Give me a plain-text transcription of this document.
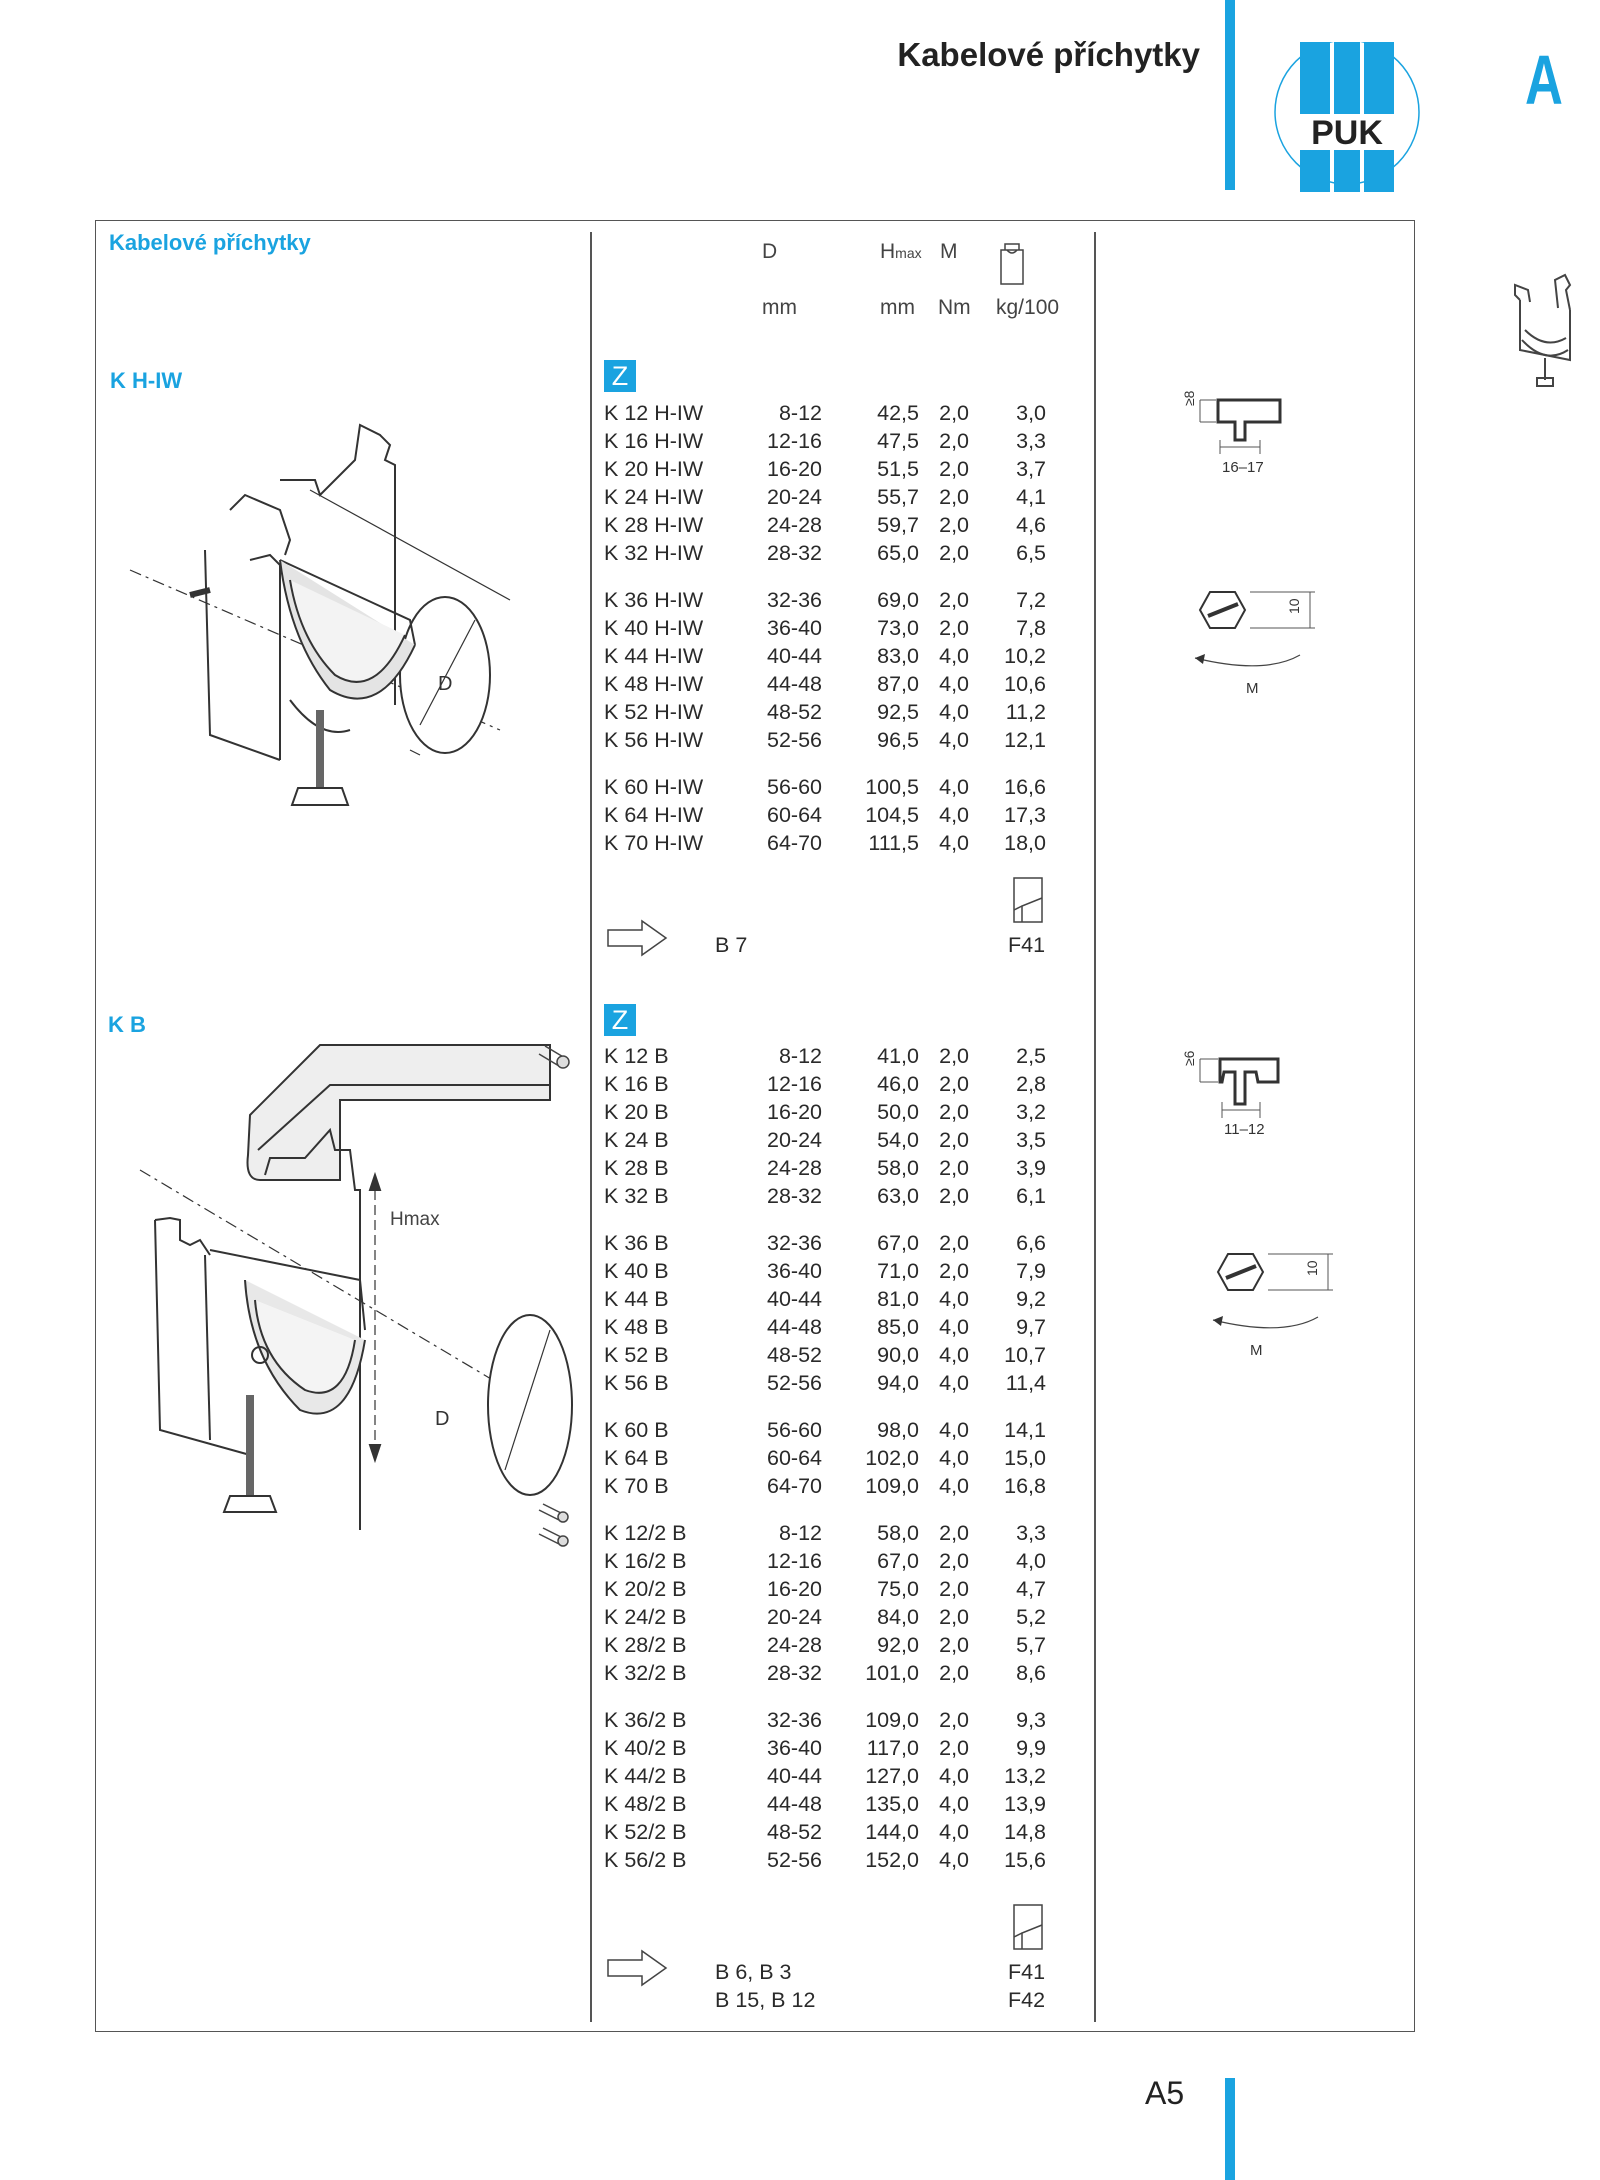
Kabelové příchytky
PUK
A
Kabelové příchytky	D	Hmax M
mm	mm Nm kg/100
K H-IW	Z
K 12 H-IW	8-12	42,5 2,0 3,0
K 16 H-IW	12-16	47,5 2,0 3,3
K 20 H-IW	16-20	51,5 2,0 3,7
K 24 H-IW	20-24	55,7 2,0 4,1
K 28 H-IW	24-28	59,7 2,0 4,6
K 32 H-IW	28-32	65,0 2,0 6,5
K 36 H-IW	32-36	69,0 2,0 7,2
K 40 H-IW	36-40	73,0 2,0 7,8
K 44 H-IW	40-44	83,0 4,0 10,2
K 48 H-IW	44-48	87,0 4,0 10,6
K 52 H-IW	48-52	92,5 4,0 11,2
K 56 H-IW	52-56	96,5 4,0 12,1
K 60 H-IW	56-60 100,5 4,0 16,6
K 64 H-IW	60-64 104,5 4,0 17,3
K 70 H-IW	64-70 111,5 4,0 18,0
D
≥8
16–17
M
10
B 7	F41
K B	Z
K 12 B	8-12	41,0 2,0 2,5
K 16 B	12-16	46,0 2,0 2,8
K 20 B	16-20	50,0 2,0 3,2
K 24 B	20-24	54,0 2,0 3,5
K 28 B	24-28	58,0 2,0 3,9
K 32 B	28-32	63,0 2,0 6,1
K 36 B	32-36	67,0 2,0 6,6
K 40 B	36-40	71,0 2,0 7,9
K 44 B	40-44	81,0 4,0 9,2
K 48 B	44-48	85,0 4,0 9,7
K 52 B	48-52	90,0 4,0 10,7
K 56 B	52-56	94,0 4,0 11,4
K 60 B	56-60	98,0 4,0 14,1
K 64 B	60-64 102,0 4,0 15,0
K 70 B	64-70 109,0 4,0 16,8
K 12/2 B	8-12	58,0 2,0 3,3
K 16/2 B	12-16	67,0 2,0 4,0
K 20/2 B	16-20	75,0 2,0 4,7
K 24/2 B	20-24	84,0 2,0 5,2
K 28/2 B	24-28	92,0 2,0 5,7
K 32/2 B	28-32 101,0 2,0 8,6
K 36/2 B	32-36 109,0 2,0 9,3
K 40/2 B	36-40 117,0 2,0 9,9
K 44/2 B	40-44 127,0 4,0 13,2
K 48/2 B	44-48 135,0 4,0 13,9
K 52/2 B	48-52 144,0 4,0 14,8
K 56/2 B	52-56 152,0 4,0 15,6
Hmax
D
≥6
11–12
M
10
B 6, B 3
B 15, B 12
F41
F42
A5
